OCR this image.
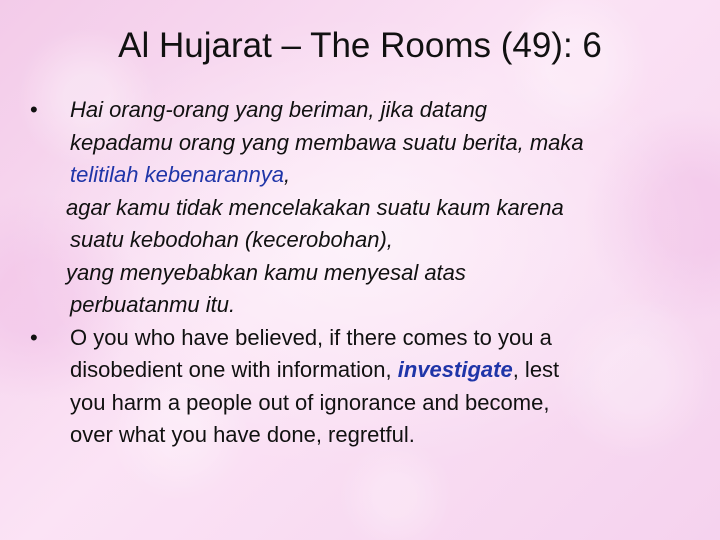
Al Hujarat – The Rooms (49): 6
•	Hai orang-orang yang beriman, jika datang
kepadamu orang yang membawa suatu berita, maka
telitilah kebenarannya,
agar kamu tidak mencelakakan suatu kaum karena
suatu kebodohan (kecerobohan),
yang menyebabkan kamu menyesal atas
perbuatanmu itu.
•	O you who have believed, if there comes to you a
disobedient one with information, investigate, lest
you harm a people out of ignorance and become,
over what you have done, regretful.
